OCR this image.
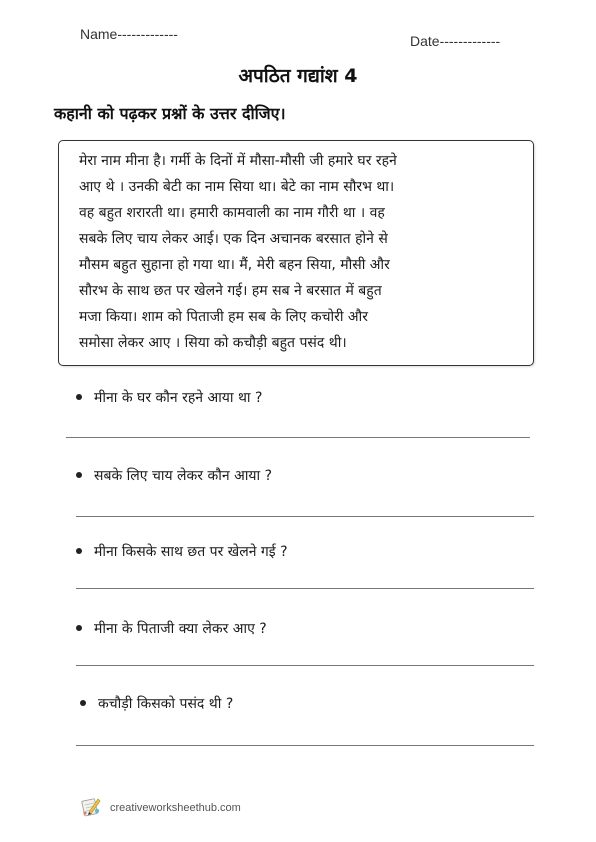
Name-------------	Date-------------
अपठित गद्यांश 4
कहानी को पढ़कर प्रश्नों के उत्तर दीजिए।
मेरा नाम मीना है। गर्मी के दिनों में मौसा-मौसी जी हमारे घर रहने
आए थे । उनकी बेटी का नाम सिया था। बेटे का नाम सौरभ था।
वह बहुत शरारती था। हमारी कामवाली का नाम गौरी था । वह
सबके लिए चाय लेकर आई। एक दिन अचानक बरसात होने से
मौसम बहुत सुहाना हो गया था। मैं, मेरी बहन सिया, मौसी और
सौरभ के साथ छत पर खेलने गई। हम सब ने बरसात में बहुत
मजा किया। शाम को पिताजी हम सब के लिए कचोरी और
समोसा लेकर आए । सिया को कचौड़ी बहुत पसंद थी।
मीना के घर कौन रहने आया था ?
सबके लिए चाय लेकर कौन आया ?
मीना किसके साथ छत पर खेलने गई ?
मीना के पिताजी क्या लेकर आए ?
कचौड़ी किसको पसंद थी ?
creativeworksheethub.com
